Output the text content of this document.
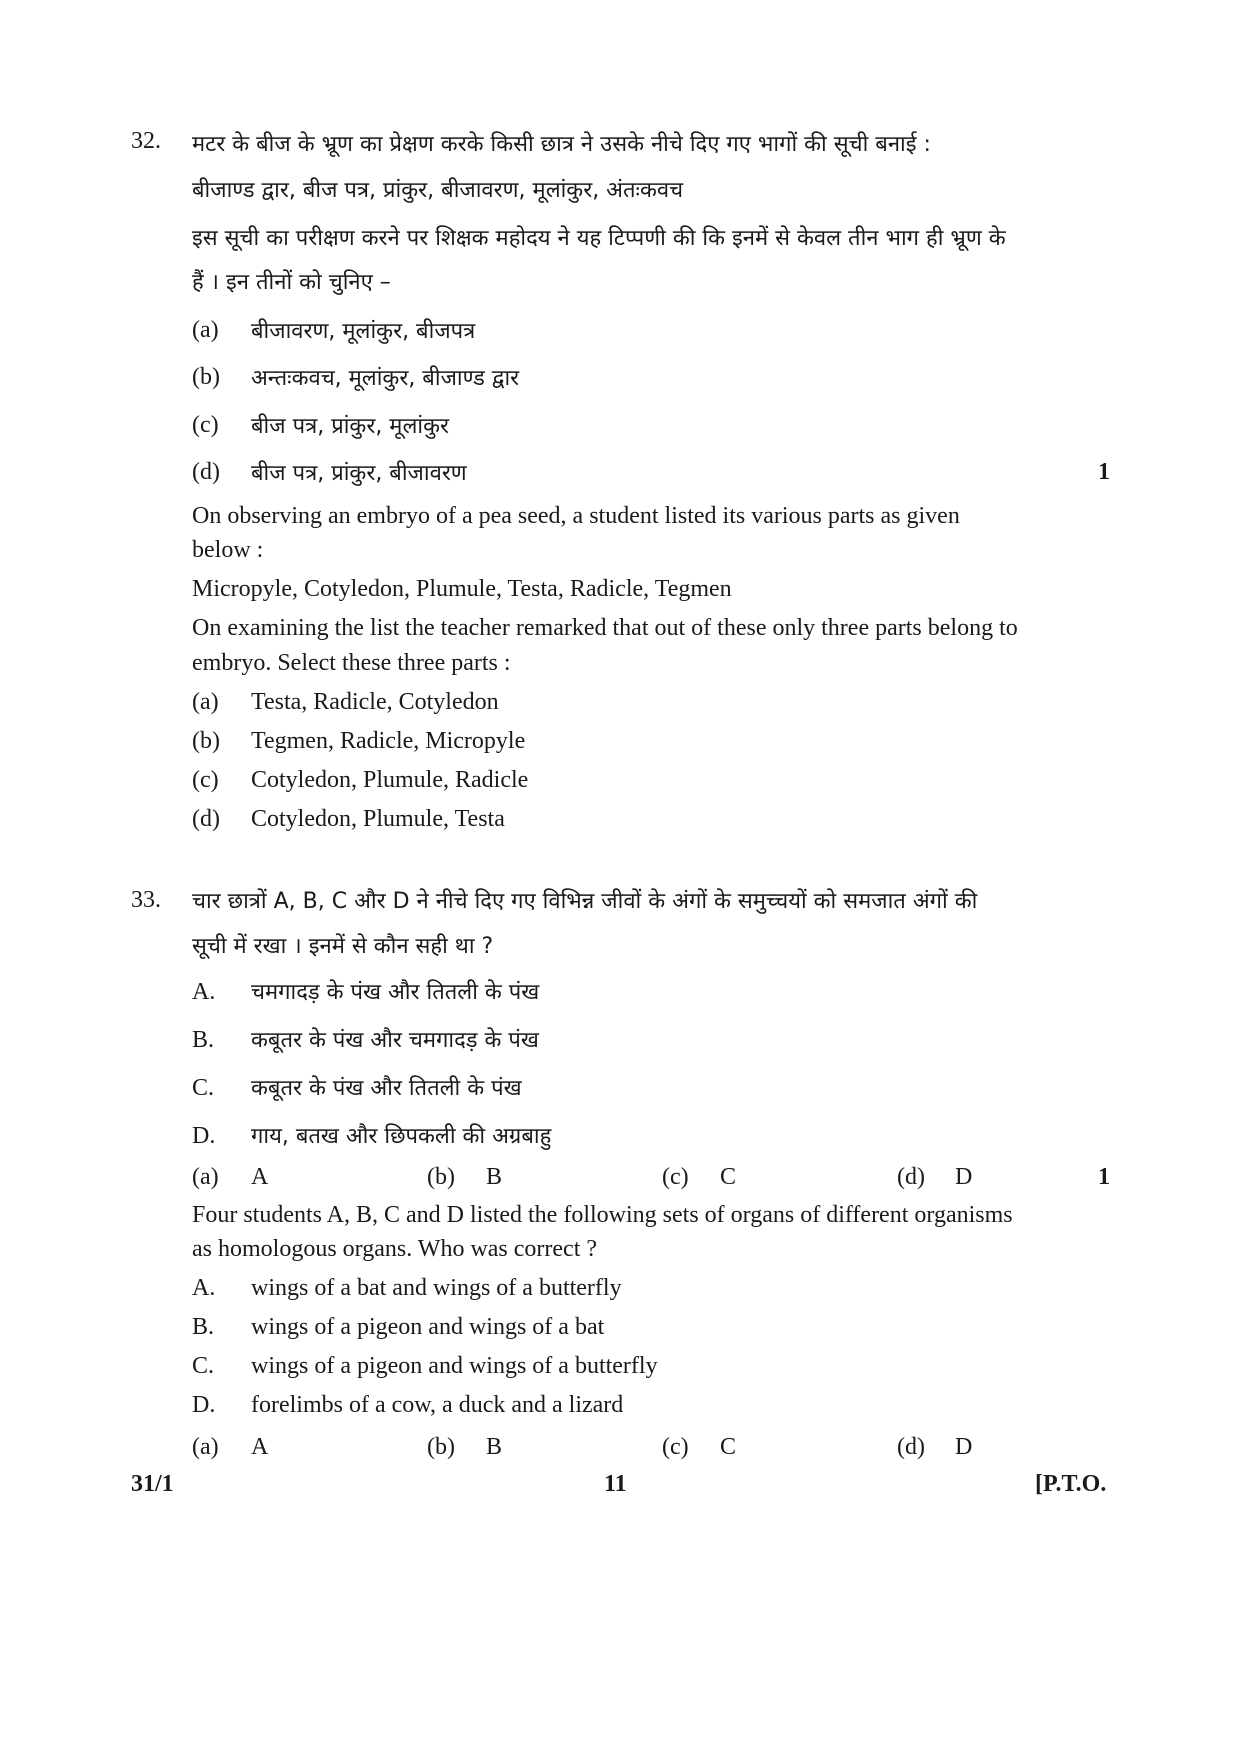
32. मटर के बीज के भ्रूण का प्रेक्षण करके किसी छात्र ने उसके नीचे दिए गए भागों की सूची बनाई :
बीजाण्ड द्वार, बीज पत्र, प्रांकुर, बीजावरण, मूलांकुर, अंतःकवच
इस सूची का परीक्षण करने पर शिक्षक महोदय ने यह टिप्पणी की कि इनमें से केवल तीन भाग ही भ्रूण के
हैं । इन तीनों को चुनिए –
(a) बीजावरण, मूलांकुर, बीजपत्र
(b) अन्तःकवच, मूलांकुर, बीजाण्ड द्वार
(c) बीज पत्र, प्रांकुर, मूलांकुर
(d) बीज पत्र, प्रांकुर, बीजावरण	1
On observing an embryo of a pea seed, a student listed its various parts as given
below :
Micropyle, Cotyledon, Plumule, Testa, Radicle, Tegmen
On examining the list the teacher remarked that out of these only three parts belong to
embryo. Select these three parts :
(a) Testa, Radicle, Cotyledon
(b) Tegmen, Radicle, Micropyle
(c) Cotyledon, Plumule, Radicle
(d) Cotyledon, Plumule, Testa
33. चार छात्रों A, B, C और D ने नीचे दिए गए विभिन्न जीवों के अंगों के समुच्चयों को समजात अंगों की
सूची में रखा । इनमें से कौन सही था ?
A. चमगादड़ के पंख और तितली के पंख
B. कबूतर के पंख और चमगादड़ के पंख
C. कबूतर के पंख और तितली के पंख
D. गाय, बतख और छिपकली की अग्रबाहु
(a) A	(b) B	(c) C	(d) D	1
Four students A, B, C and D listed the following sets of organs of different organisms
as homologous organs. Who was correct ?
A. wings of a bat and wings of a butterfly
B. wings of a pigeon and wings of a bat
C. wings of a pigeon and wings of a butterfly
D. forelimbs of a cow, a duck and a lizard
(a) A	(b) B	(c) C	(d) D
31/1	11	[P.T.O.
